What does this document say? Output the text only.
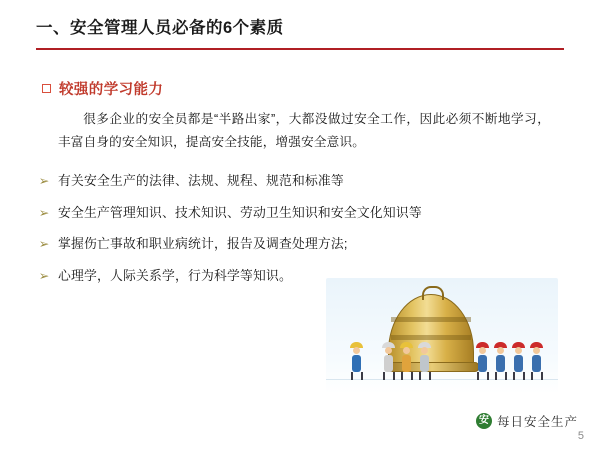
一、安全管理人员必备的6个素质
较强的学习能力
很多企业的安全员都是“半路出家”，大都没做过安全工作，因此必须不断地学习，丰富自身的安全知识，提高安全技能，增强安全意识。
➢ 有关安全生产的法律、法规、规程、规范和标准等
➢ 安全生产管理知识、技术知识、劳动卫生知识和安全文化知识等
➢ 掌握伤亡事故和职业病统计，报告及调查处理方法;
➢ 心理学，人际关系学，行为科学等知识。
安 每日安全生产
5
